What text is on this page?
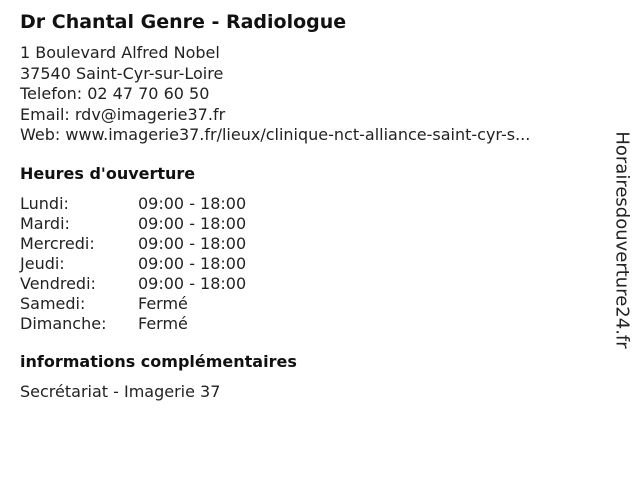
Dr Chantal Genre - Radiologue
1 Boulevard Alfred Nobel
37540 Saint-Cyr-sur-Loire
Telefon: 02 47 70 60 50
Email: rdv@imagerie37.fr
Web: www.imagerie37.fr/lieux/clinique-nct-alliance-saint-cyr-s...
Heures d'ouverture
Lundi:	09:00 - 18:00
Mardi:	09:00 - 18:00
Mercredi:	09:00 - 18:00
Jeudi:	09:00 - 18:00
Vendredi:	09:00 - 18:00
Samedi:	Fermé
Dimanche:	Fermé
informations complémentaires
Secrétariat - Imagerie 37
Horairesdouverture24.fr
